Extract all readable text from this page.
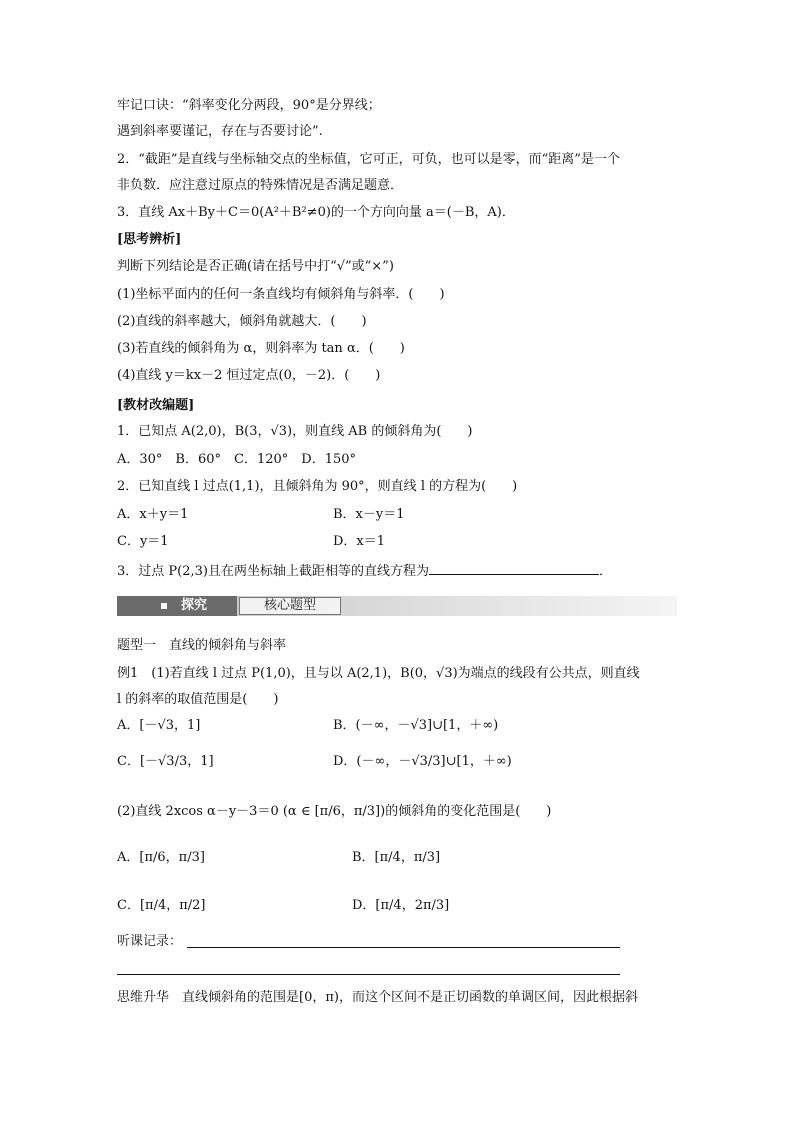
牢记口诀：“斜率变化分两段，90°是分界线；
遇到斜率要谨记，存在与否要讨论”.
2．“截距”是直线与坐标轴交点的坐标值，它可正，可负，也可以是零，而“距离”是一个
非负数．应注意过原点的特殊情况是否满足题意．
3．直线 Ax＋By＋C＝0(A²＋B²≠0)的一个方向向量 a＝(－B，A)．
[思考辨析]
判断下列结论是否正确(请在括号中打“√”或“×”)
(1)坐标平面内的任何一条直线均有倾斜角与斜率．(　　)
(2)直线的斜率越大，倾斜角就越大．(　　)
(3)若直线的倾斜角为 α，则斜率为 tan α．(　　)
(4)直线 y＝kx－2 恒过定点(0，－2)．(　　)
[教材改编题]
1．已知点 A(2,0)，B(3，√3)，则直线 AB 的倾斜角为(　　)
A．30°　B．60°　C．120°　D．150°
2．已知直线 l 过点(1,1)，且倾斜角为 90°，则直线 l 的方程为(　　)
A．x＋y＝1	B．x－y＝1
C．y＝1	D．x＝1
3．过点 P(2,3)且在两坐标轴上截距相等的直线方程为	．
探究	核心题型
题型一　直线的倾斜角与斜率
例1　(1)若直线 l 过点 P(1,0)，且与以 A(2,1)，B(0，√3)为端点的线段有公共点，则直线
l 的斜率的取值范围是(　　)
A．[－√3，1]	B．(－∞，－√3]∪[1，＋∞)
C．[－√3/3，1]	D．(－∞，－√3/3]∪[1，＋∞)
(2)直线 2xcos α－y－3＝0 (α ∈ [π/6，π/3])的倾斜角的变化范围是(　　)
A．[π/6，π/3]	B．[π/4，π/3]
C．[π/4，π/2]	D．[π/4，2π/3]
听课记录：
思维升华　直线倾斜角的范围是[0，π)，而这个区间不是正切函数的单调区间，因此根据斜
